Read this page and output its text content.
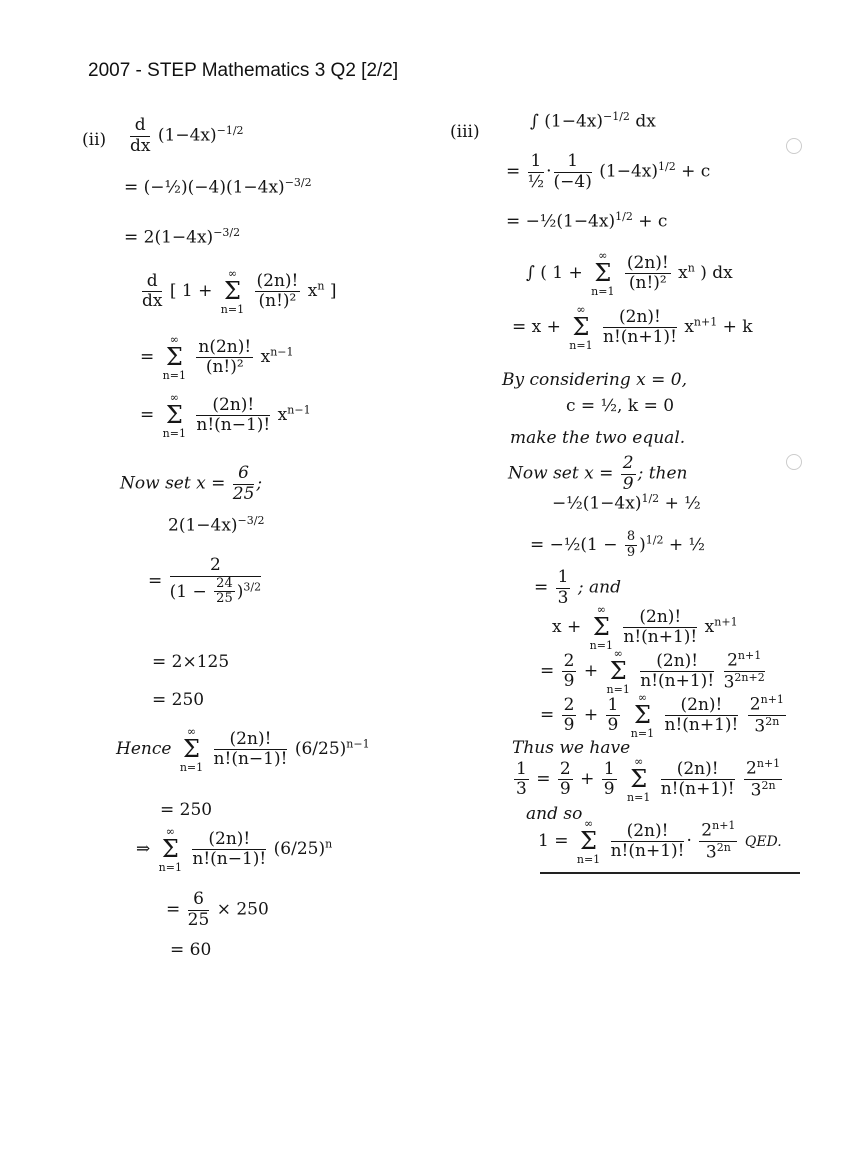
2007 - STEP Mathematics 3 Q2 [2/2]
$(ii) \frac{d}{dx} (1-4x)^{-1/2}$
= $(-\frac{1}{2})(-4)(1-4x)^{-3/2}$
= $2(1-4x)^{-3/2}$
$\frac{d}{dx}$ [ 1 +
∞
Σ
n=1
$\frac{(2n)!}{\text{(n!)²}} x^n$ ]
=
∞
Σ
n=1
$\frac{n(2n)!}{\text{(n!)²}} x^{n-1}$
=
∞
Σ
n=1
$\frac{(2n)!}{n!(n-1)!} x^{n-1}$
Now set $x = \frac{6}{25}$ ;
$2(1-4x)^{-3/2}$
= $\frac{2}{(1 - \frac{24}{25} )^{3/2}}$
= 2×125
= 250
Hence
∞
Σ
n=1
$\frac{(2n)!}{n!(n-1)!} (6/25)^{n-1}$
= 250
⇒
∞
Σ
n=1
$\frac{(2n)!}{n!(n-1)!} (6/25)^n$
= $\frac{6}{25} \times 250$
= 60
(iii)
∫ $(1-4x)^{-1/2}$ dx
= $\frac{1}{\text{½}} \cdot \frac{1}{(-4)} (1-4x)^{1/2} + c$
= $-\frac{1}{2}(1-4x)^{1/2} + c$
∫ ( 1 +
∞
Σ
n=1
$\frac{(2n)!}{\text{(n!)²}} x^n$ ) dx
= x +
∞
Σ
n=1
$\frac{(2n)!}{n!(n+1)!} x^{n+1} + k$
By considering x = 0,
c = ½, k = 0
make the two equal.
Now set $x = \frac{2}{9}$ ; then
$-\frac{1}{2}(1-4x)^{1/2}$ + ½
= −½(1 − $\frac{8}{9} )^{1/2}$ + ½
= $\frac{1}{3}$ ; and
x +
∞
Σ
n=1
$\frac{(2n)!}{n!(n+1)!} x^{n+1}$
= $\frac{2}{9}$ +
∞
Σ
n=1
$\frac{(2n)!}{n!(n+1)!}$
$\frac{2^{n+1}}{3^{2n+2}}$
= $\frac{2}{9} + \frac{1}{9}$
	∞
Σ
n=1
$\frac{(2n)!}{n!(n+1)!}$
$\frac{2^{n+1}}{3^{2n}}$
Thus we have
$\frac{1}{3} = \frac{2}{9} + \frac{1}{9}$
	∞
Σ
n=1
$\frac{(2n)!}{n!(n+1)!}$
$\frac{2^{n+1}}{3^{2n}}$
and so
1 =
∞
Σ
n=1
$\frac{(2n)!}{n!(n+1)!} \cdot \frac{2^{n+1}}{3^{2n}}$ QED.
